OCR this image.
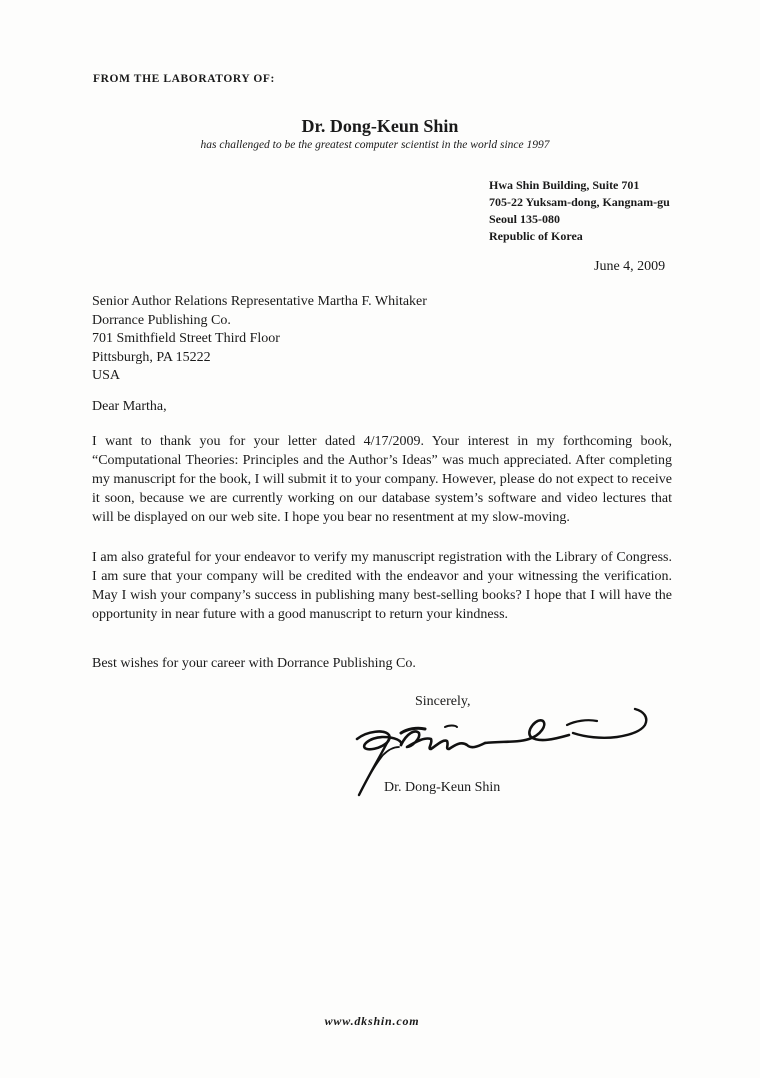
FROM THE LABORATORY OF:
Dr. Dong-Keun Shin
has challenged to be the greatest computer scientist in the world since 1997
Hwa Shin Building, Suite 701
705-22 Yuksam-dong, Kangnam-gu
Seoul 135-080
Republic of Korea
June 4, 2009
Senior Author Relations Representative Martha F. Whitaker
Dorrance Publishing Co.
701 Smithfield Street Third Floor
Pittsburgh, PA 15222
USA
Dear Martha,
I want to thank you for your letter dated 4/17/2009. Your interest in my forthcoming book, “Computational Theories: Principles and the Author’s Ideas” was much appreciated. After completing my manuscript for the book, I will submit it to your company. However, please do not expect to receive it soon, because we are currently working on our database system’s software and video lectures that will be displayed on our web site. I hope you bear no resentment at my slow-moving.
I am also grateful for your endeavor to verify my manuscript registration with the Library of Congress. I am sure that your company will be credited with the endeavor and your witnessing the verification. May I wish your company’s success in publishing many best-selling books? I hope that I will have the opportunity in near future with a good manuscript to return your kindness.
Best wishes for your career with Dorrance Publishing Co.
Sincerely,
Dr. Dong-Keun Shin
www.dkshin.com
